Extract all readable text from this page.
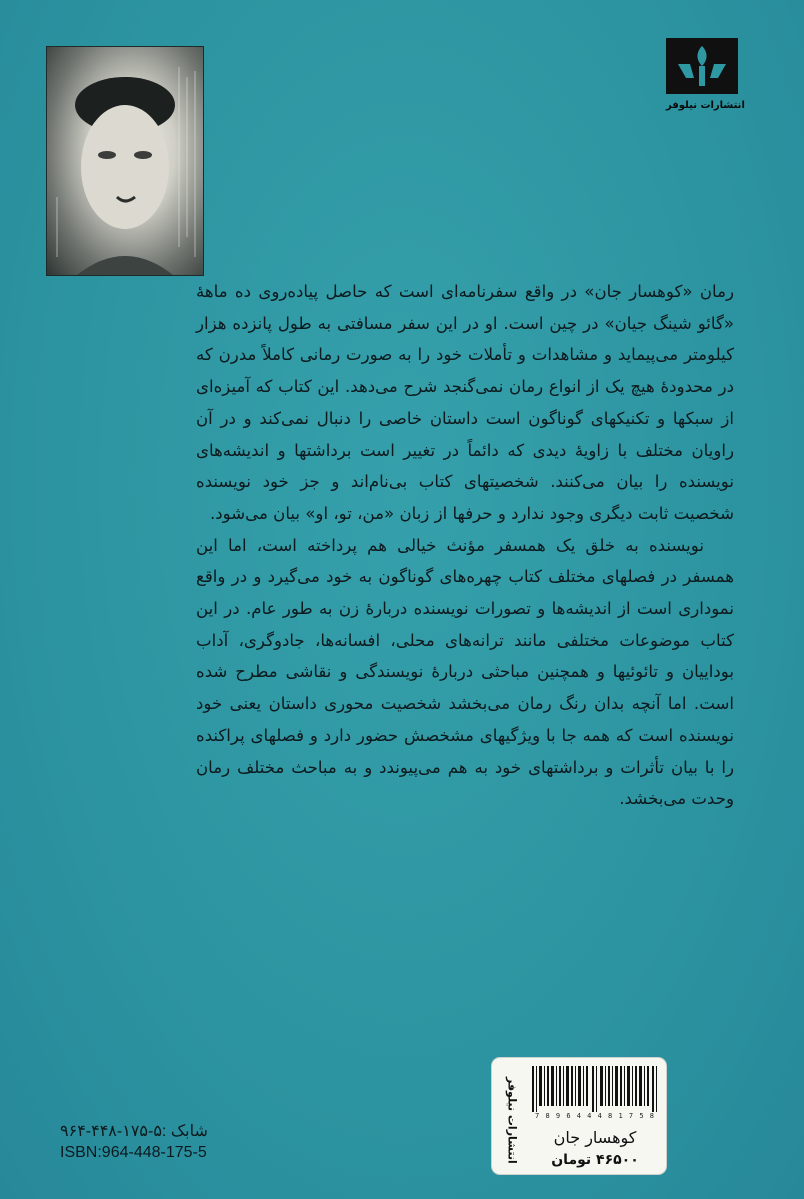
انتشارات نیلوفر

رمان «کوهسار جان» در واقع سفرنامه‌ای است که حاصل پیاده‌روی ده ماههٔ «گائو شینگ جیان» در چین است. او در این سفر مسافتی به طول پانزده هزار کیلومتر می‌پیماید و مشاهدات و تأملات خود را به صورت رمانی کاملاً مدرن که در محدودهٔ هیچ یک از انواع رمان نمی‌گنجد شرح می‌دهد. این کتاب که آمیزه‌ای از سبکها و تکنیکهای گوناگون است داستان خاصی را دنبال نمی‌کند و در آن راویان مختلف با زاویهٔ دیدی که دائماً در تغییر است برداشتها و اندیشه‌های نویسنده را بیان می‌کنند. شخصیتهای کتاب بی‌نام‌اند و جز خود نویسنده شخصیت ثابت دیگری وجود ندارد و حرفها از زبان «من، تو، او» بیان می‌شود.

نویسنده به خلق یک همسفر مؤنث خیالی هم پرداخته است، اما این همسفر در فصلهای مختلف کتاب چهره‌های گوناگون به خود می‌گیرد و در واقع نموداری است از اندیشه‌ها و تصورات نویسنده دربارهٔ زن به طور عام. در این کتاب موضوعات مختلفی مانند ترانه‌های محلی، افسانه‌ها، جادوگری، آداب بوداییان و تائوئیها و همچنین مباحثی دربارهٔ نویسندگی و نقاشی مطرح شده است. اما آنچه بدان رنگ رمان می‌بخشد شخصیت محوری داستان یعنی خود نویسنده است که همه جا با ویژگیهای مشخصش حضور دارد و فصلهای پراکنده را با بیان تأثرات و برداشتهای خود به هم می‌پیوندد و به مباحث مختلف رمان وحدت می‌بخشد.

شابک :۵-۱۷۵-۴۴۸-۹۶۴
ISBN:964-448-175-5	انتشارات نیلوفر	7 8 9 6 4 4 4 8 1 7 5 8
کوهسار جان
۴۶۵۰۰ تومان
